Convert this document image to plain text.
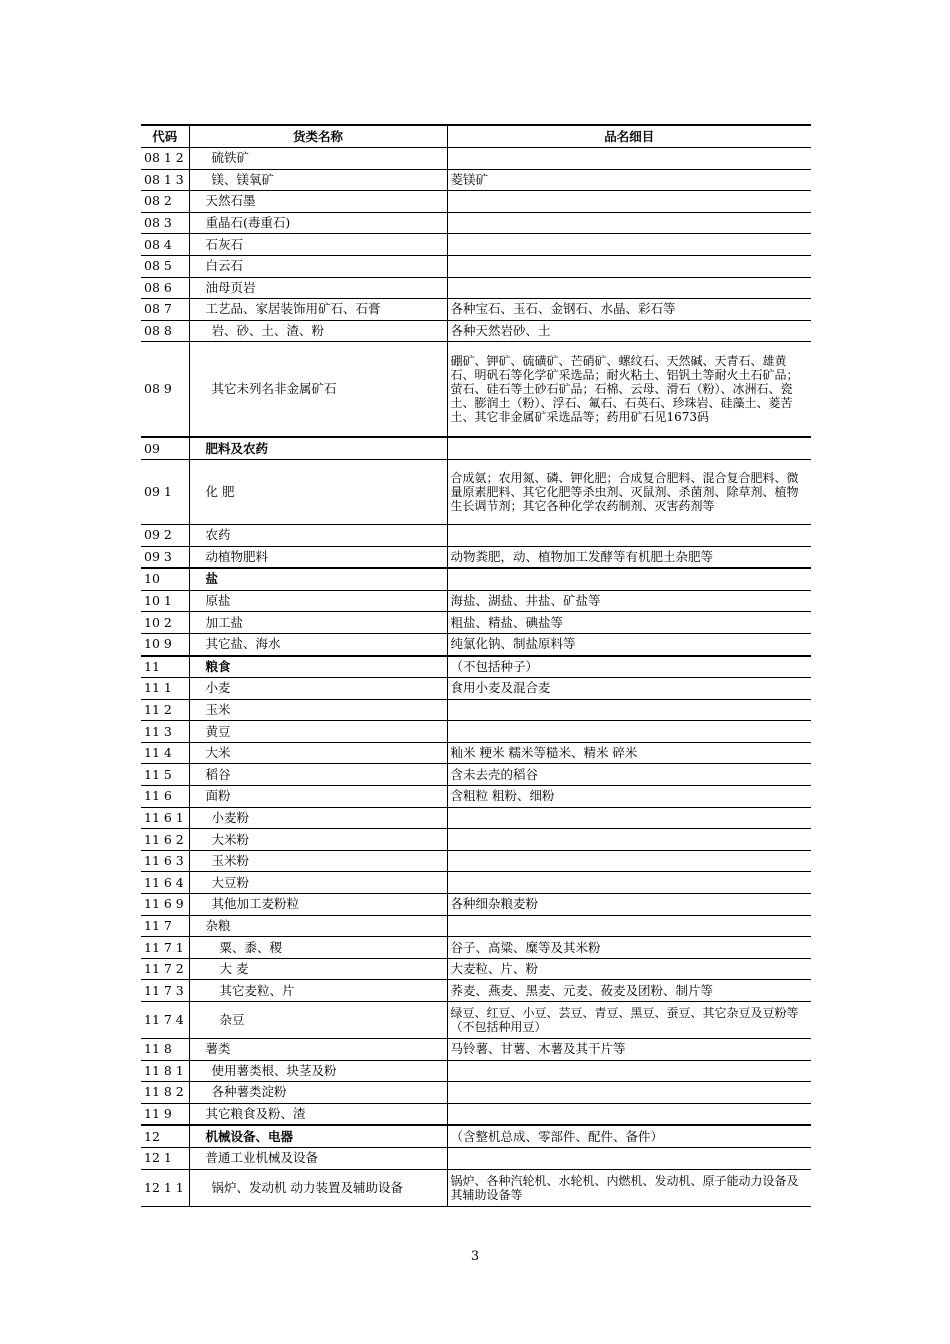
代码	货类名称	品名细目
08 1 2	硫铁矿	
08 1 3	镁、镁氧矿	菱镁矿
08 2	天然石墨	
08 3	重晶石(毒重石)	
08 4	石灰石	
08 5	白云石	
08 6	油母页岩	
08 7	工艺品、家居装饰用矿石、石膏	各种宝石、玉石、金钢石、水晶、彩石等
08 8	岩、砂、土、渣、粉	各种天然岩砂、土
08 9	其它未列名非金属矿石	硼矿、钾矿、硫磺矿、芒硝矿、螺纹石、天然碱、天青石、雄黄石、明矾石等化学矿采选品；耐火粘土、铝钒土等耐火土石矿品；萤石、硅石等土砂石矿品；石棉、云母、滑石（粉）、冰洲石、瓷土、膨润土（粉）、浮石、氟石、石英石、珍珠岩、硅藻土、菱苦土、其它非金属矿采选品等；药用矿石见1673码
09	肥料及农药	
09 1	化 肥	合成氨；农用氮、磷、钾化肥；合成复合肥料、混合复合肥料、微量原素肥料、其它化肥等杀虫剂、灭鼠剂、杀菌剂、除草剂、植物生长调节剂；其它各种化学农药制剂、灭害药剂等
09 2	农药	
09 3	动植物肥料	动物粪肥，动、植物加工发酵等有机肥土杂肥等
10	盐	
10 1	原盐	海盐、湖盐、井盐、矿盐等
10 2	加工盐	粗盐、精盐、碘盐等
10 9	其它盐、海水	纯氯化钠、制盐原料等
11	粮食	（不包括种子）
11 1	小麦	食用小麦及混合麦
11 2	玉米	
11 3	黄豆	
11 4	大米	籼米 粳米 糯米等糙米、精米 碎米
11 5	稻谷	含未去壳的稻谷
11 6	面粉	含粗粒 粗粉、细粉
11 6 1	小麦粉	
11 6 2	大米粉	
11 6 3	玉米粉	
11 6 4	大豆粉	
11 6 9	其他加工麦粉粒	各种细杂粮麦粉
11 7	杂粮	
11 7 1	粟、黍、稷	谷子、高粱、糜等及其米粉
11 7 2	大 麦	大麦粒、片、粉
11 7 3	其它麦粒、片	荞麦、燕麦、黑麦、元麦、莜麦及团粉、制片等
11 7 4	杂豆	绿豆、红豆、小豆、芸豆、青豆、黑豆、蚕豆、其它杂豆及豆粉等（不包括种用豆）
11 8	薯类	马铃薯、甘薯、木薯及其干片等
11 8 1	使用薯类根、块茎及粉	
11 8 2	各种薯类淀粉	
11 9	其它粮食及粉、渣	
12	机械设备、电器	（含整机总成、零部件、配件、备件）
12 1	普通工业机械及设备	
12 1 1	锅炉、发动机 动力装置及辅助设备	锅炉、各种汽轮机、水轮机、内燃机、发动机、原子能动力设备及其辅助设备等
3
